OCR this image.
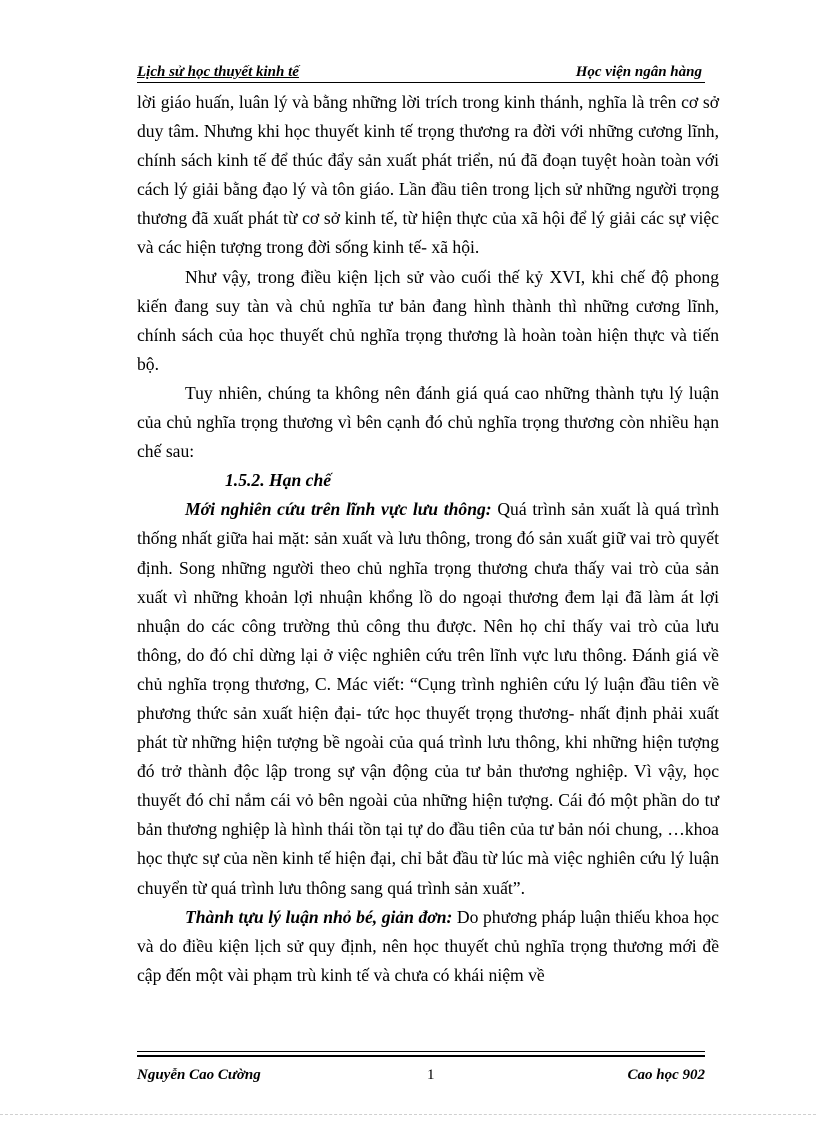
Lịch sử học thuyết kinh tế	Học viện ngân hàng

lời giáo huấn, luân lý và bằng những lời trích trong kinh thánh, nghĩa là trên cơ sở duy tâm. Nhưng khi học thuyết kinh tế trọng thương ra đời với những cương lĩnh, chính sách kinh tế để thúc đẩy sản xuất phát triển, nú đã đoạn tuyệt hoàn toàn với cách lý giải bằng đạo lý và tôn giáo. Lần đầu tiên trong lịch sử những người trọng thương đã xuất phát từ cơ sở kinh tế, từ hiện thực của xã hội để lý giải các sự việc và các hiện tượng trong đời sống kinh tế- xã hội.

Như vậy, trong điều kiện lịch sử vào cuối thế kỷ XVI, khi chế độ phong kiến đang suy tàn và chủ nghĩa tư bản đang hình thành thì những cương lĩnh, chính sách của học thuyết chủ nghĩa trọng thương là hoàn toàn hiện thực và tiến bộ.

Tuy nhiên, chúng ta không nên đánh giá quá cao những thành tựu lý luận của chủ nghĩa trọng thương vì bên cạnh đó chủ nghĩa trọng thương còn nhiều hạn chế sau:

1.5.2. Hạn chế

Mới nghiên cứu trên lĩnh vực lưu thông: Quá trình sản xuất là quá trình thống nhất giữa hai mặt: sản xuất và lưu thông, trong đó sản xuất giữ vai trò quyết định. Song những người theo chủ nghĩa trọng thương chưa thấy vai trò của sản xuất vì những khoản lợi nhuận khổng lồ do ngoại thương đem lại đã làm át lợi nhuận do các công trường thủ công thu được. Nên họ chỉ thấy vai trò của lưu thông, do đó chỉ dừng lại ở việc nghiên cứu trên lĩnh vực lưu thông. Đánh giá về chủ nghĩa trọng thương, C. Mác viết: “Cụng trình nghiên cứu lý luận đầu tiên về phương thức sản xuất hiện đại- tức học thuyết trọng thương- nhất định phải xuất phát từ những hiện tượng bề ngoài của quá trình lưu thông, khi những hiện tượng đó trở thành độc lập trong sự vận động của tư bản thương nghiệp. Vì vậy, học thuyết đó chỉ nắm cái vỏ bên ngoài của những hiện tượng. Cái đó một phần do tư bản thương nghiệp là hình thái tồn tại tự do đầu tiên của tư bản nói chung, …khoa học thực sự của nền kinh tế hiện đại, chỉ bắt đầu từ lúc mà việc nghiên cứu lý luận chuyển từ quá trình lưu thông sang quá trình sản xuất”.

Thành tựu lý luận nhỏ bé, giản đơn: Do phương pháp luận thiếu khoa học và do điều kiện lịch sử quy định, nên học thuyết chủ nghĩa trọng thương mới đề cập đến một vài phạm trù kinh tế và chưa có khái niệm về

Nguyễn Cao Cường	1	Cao học 902
